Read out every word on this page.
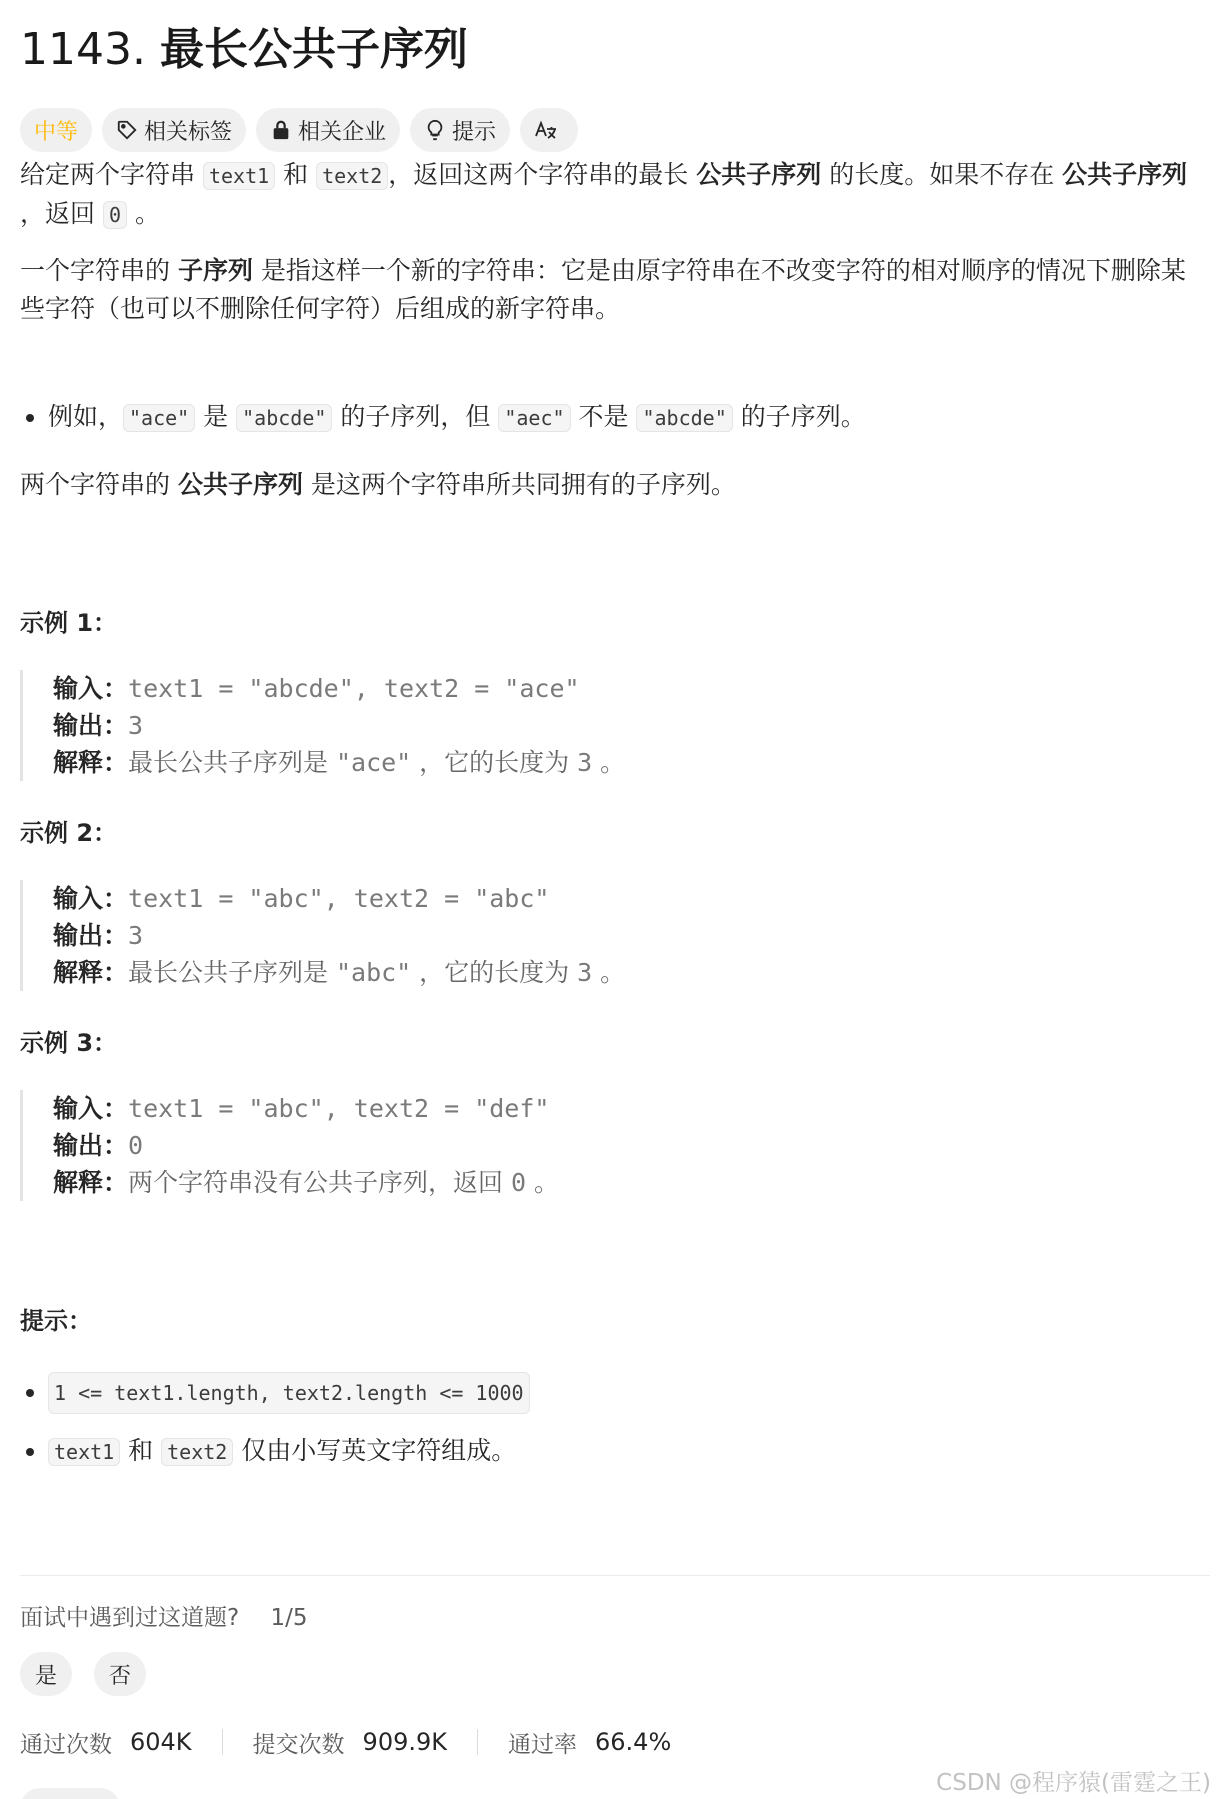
1143. 最长公共子序列
中等	相关标签	相关企业	提示
给定两个字符串 text1 和 text2 ，返回这两个字符串的最长 公共子序列 的长度。如果不存在 公共子序列 ，返回 0 。
一个字符串的 子序列 是指这样一个新的字符串：它是由原字符串在不改变字符的相对顺序的情况下删除某些字符（也可以不删除任何字符）后组成的新字符串。
例如， "ace" 是 "abcde" 的子序列，但 "aec" 不是 "abcde" 的子序列。
两个字符串的 公共子序列 是这两个字符串所共同拥有的子序列。
示例 1：
输入：text1 = "abcde", text2 = "ace"
输出：3
解释：最长公共子序列是 "ace" ，它的长度为 3 。
示例 2：
输入：text1 = "abc", text2 = "abc"
输出：3
解释：最长公共子序列是 "abc" ，它的长度为 3 。
示例 3：
输入：text1 = "abc", text2 = "def"
输出：0
解释：两个字符串没有公共子序列，返回 0 。
提示：
1 <= text1.length, text2.length <= 1000
text1 和 text2 仅由小写英文字符组成。
面试中遇到过这道题? 1/5
是 否
通过次数 604K	提交次数 909.9K	通过率 66.4%
CSDN @程序猿(雷霆之王)
